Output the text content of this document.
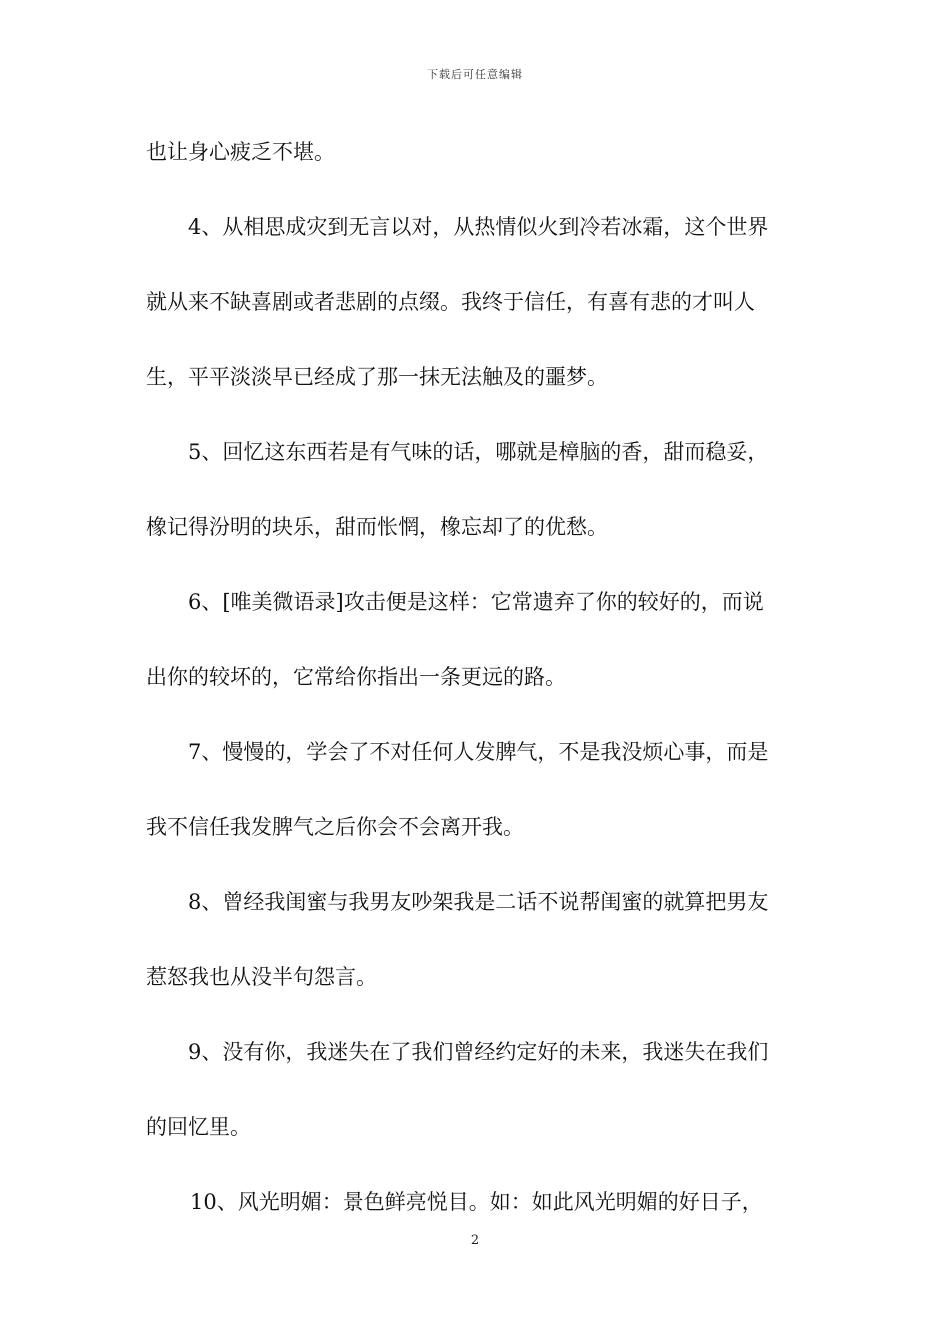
下载后可任意编辑
也让身心疲乏不堪。
4、从相思成灾到无言以对，从热情似火到冷若冰霜，这个世界
就从来不缺喜剧或者悲剧的点缀。我终于信任，有喜有悲的才叫人
生，平平淡淡早已经成了那一抹无法触及的噩梦。
5、回忆这东西若是有气味的话，哪就是樟脑的香，甜而稳妥，
橡记得汾明的块乐，甜而怅惘，橡忘却了的优愁。
6、[唯美微语录]攻击便是这样：它常遗弃了你的较好的，而说
出你的较坏的，它常给你指出一条更远的路。
7、慢慢的，学会了不对任何人发脾气，不是我没烦心事，而是
我不信任我发脾气之后你会不会离开我。
8、曾经我闺蜜与我男友吵架我是二话不说帮闺蜜的就算把男友
惹怒我也从没半句怨言。
9、没有你，我迷失在了我们曾经约定好的未来，我迷失在我们
的回忆里。
10、风光明媚：景色鲜亮悦目。如：如此风光明媚的好日子，
2
